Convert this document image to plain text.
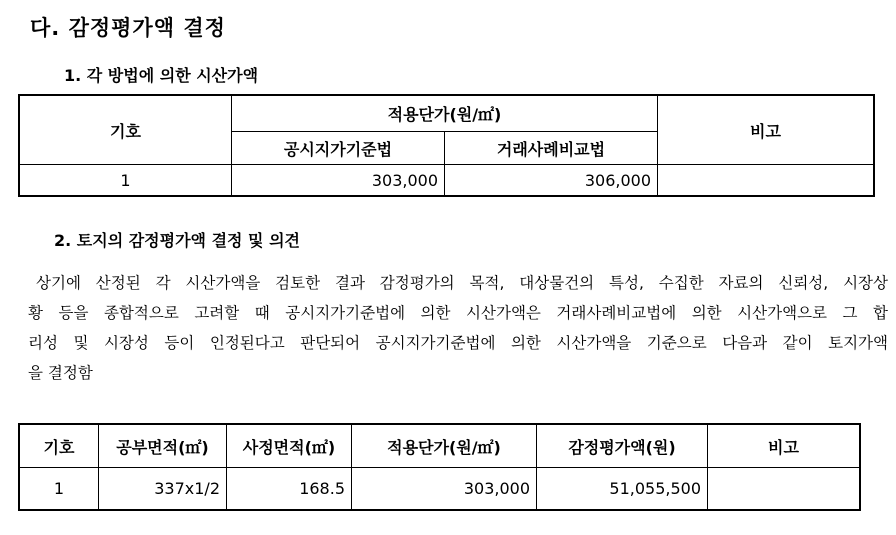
다. 감정평가액 결정
1. 각 방법에 의한 시산가액
기호	적용단가(원/㎡)		비고
	공시지가기준법	거래사례비교법	
1	303,000	306,000	
2. 토지의 감정평가액 결정 및 의견
상기에 산정된 각 시산가액을 검토한 결과 감정평가의 목적, 대상물건의 특성, 수집한 자료의 신뢰성, 시장상
황 등을 종합적으로 고려할 때 공시지가기준법에 의한 시산가액은 거래사례비교법에 의한 시산가액으로 그 합
리성 및 시장성 등이 인정된다고 판단되어 공시지가기준법에 의한 시산가액을 기준으로 다음과 같이 토지가액
을 결정함
기호	공부면적(㎡)	사정면적(㎡)	적용단가(원/㎡)	감정평가액(원)	비고
1	337x1/2	168.5	303,000	51,055,500	
